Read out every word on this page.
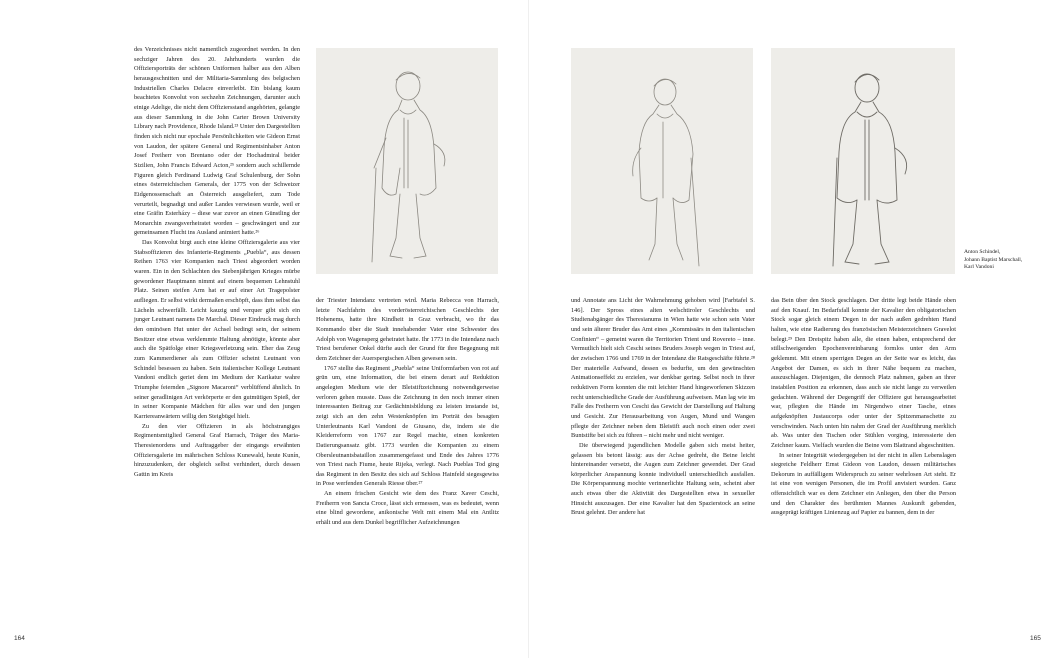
des Verzeichnisses nicht namentlich zugeordnet werden. In den sechziger Jahren des 20. Jahrhunderts wurden die Offiziersporträts der schönen Uniformen halber aus den Alben herausgeschnitten und der Militaria-Sammlung des belgischen Industriellen Charles Delacre einverleibt. Ein bislang kaum beachtetes Konvolut von sechzehn Zeichnungen, darunter auch einige Adelige, die nicht dem Offiziersstand angehörten, gelangte aus dieser Sammlung in die John Carter Brown University Library nach Providence, Rhode Island.²³ Unter den Dargestellten finden sich nicht nur epochale Persönlichkeiten wie Gideon Ernst von Laudon, der spätere General und Regimentsinhaber Anton Josef Freiherr von Brentano oder der Hochadmiral beider Sizilien, John Francis Edward Acton,²⁵ sondern auch schillernde Figuren gleich Ferdinand Ludwig Graf Schulenburg, der Sohn eines österreichischen Generals, der 1775 von der Schweizer Eidgenossenschaft an Österreich ausgeliefert, zum Tode verurteilt, begnadigt und außer Landes verwiesen wurde, weil er eine Gräfin Esterházy – diese war zuvor an einen Günstling der Monarchin zwangsverheiratet worden – geschwängert und zur gemeinsamen Flucht ins Ausland animiert hatte.²⁶

Das Konvolut birgt auch eine kleine Offiziersgalerie aus vier Stabsoffizieren des Infanterie-Regiments „Puebla“, aus dessen Reihen 1763 vier Kompanien nach Triest abgeordert worden waren. Ein in den Schlachten des Siebenjährigen Krieges mürbe gewordener Hauptmann nimmt auf einem bequemen Lehnstuhl Platz. Seinen steifen Arm hat er auf einer Art Tragepolster aufliegen. Er selbst wirkt dermaßen erschöpft, dass ihm selbst das Lächeln schwerfällt. Leicht kauzig und verquer gibt sich ein junger Leutnant namens De Marchal. Dieser Eindruck mag durch den ominösen Hut unter der Achsel bedingt sein, der seinem Besitzer eine etwas verklemmte Haltung abnötigte, könnte aber auch die Spätfolge einer Kriegsverletzung sein. Eher das Zeug zum Kammerdiener als zum Offizier scheint Leutnant von Schindel besessen zu haben. Sein italienischer Kollege Leutnant Vandoni endlich geriet dem im Medium der Karikatur wahre Triumphe feiernden „Signore Macaroni“ verblüffend ähnlich. In seiner geradlinigen Art verkörperte er den gutmütigen Spieß, der in seiner Kompanie Mädchen für alles war und den jungen Karriereanwärtern willig den Steigbügel hielt.

Zu den vier Offizieren in als höchstrangiges Regimentsmitglied General Graf Harrach, Träger des Maria-Theresienordens und Auftraggeber der eingangs erwähnten Offiziersgalerie im mährischen Schloss Kunewald, heute Kunín, hinzuzudenken, der obgleich selbst verhindert, durch dessen Gattin im Kreis

der Triester Intendanz vertreten wird. Maria Rebecca von Harrach, letzte Nachfahrin des vorderösterreichischen Geschlechts der Hohenems, hatte ihre Kindheit in Graz verbracht, wo ihr das Kommando über die Stadt innehabender Vater eine Schwester des Adolph von Wagensperg geheiratet hatte. Ihr 1773 in die Intendanz nach Triest berufener Onkel dürfte auch der Grund für ihre Begegnung mit dem Zeichner der Auerspergischen Alben gewesen sein.

1767 stellte das Regiment „Puebla“ seine Uniformfarben von rot auf grün um, eine Information, die bei einem derart auf Reduktion angelegten Medium wie der Bleistiftzeichnung notwendigerweise verloren gehen musste. Dass die Zeichnung in den noch immer einen interessanten Beitrag zur Gedächtnisbildung zu leisten imstande ist, zeigt sich an den zehn Westenknöpfen im Porträt des besagten Unterleutnants Karl Vandoni de Giusano, die, indem sie die Kleiderreform von 1767 zur Regel machte, einen konkreten Datierungsansatz gibt. 1773 wurden die Kompanien zu einem Obersleutnantsbataillon zusammengefasst und Ende des Jahres 1776 von Triest nach Fiume, heute Rijeka, verlegt. Nach Pueblas Tod ging das Regiment in den Besitz des sich auf Schloss Hainfeld siegesgewiss in Pose werfenden Generals Riesse über.²⁷

An einem frischen Gesicht wie dem des Franz Xaver Ceschi, Freiherrn von Sancta Croce, lässt sich ermessen, was es bedeutet, wenn eine blind gewordene, anikonische Welt mit einem Mal ein Antlitz erhält und aus dem Dunkel begrifflicher Aufzeichnungen

und Annotate ans Licht der Wahrnehmung gehoben wird [Farbtafel S. 146]. Der Spross eines alten welschtiroler Geschlechts und Studienabgänger des Theresianums in Wien hatte wie schon sein Vater und sein älterer Bruder das Amt eines „Kommissärs in den italienischen Confinien“ – gemeint waren die Territorien Trient und Rovereto – inne. Vermutlich hielt sich Ceschi seines Bruders Joseph wegen in Triest auf, der zwischen 1766 und 1769 in der Intendanz die Ratsgeschäfte führte.²⁸ Der materielle Aufwand, dessen es bedurfte, um den gewünschten Animationseffekt zu erzielen, war denkbar gering. Selbst noch in ihrer reduktiven Form konnten die mit leichter Hand hingeworfenen Skizzen recht unterschiedliche Grade der Ausführung aufweisen. Man lag wie im Falle des Freiherrn von Ceschi das Gewicht der Darstellung auf Haltung und Gesicht. Zur Herausarbeitung von Augen, Mund und Wangen pflegte der Zeichner neben dem Bleistift auch noch einen oder zwei Buntstifte bei sich zu führen – nicht mehr und nicht weniger.

Die überwiegend jugendlichen Modelle gaben sich meist heiter, gelassen bis betont lässig: aus der Achse gedreht, die Beine leicht hintereinander versetzt, die Augen zum Zeichner gewendet. Der Grad körperlicher Anspannung konnte individuell unterschiedlich ausfallen. Die Körperspannung mochte verinnerlichte Haltung sein, scheint aber auch etwas über die Aktivität des Dargestellten etwa in sexueller Hinsicht auszusagen. Der eine Kavalier hat den Spazierstock an seine Brust gelehnt. Der andere hat

das Bein über den Stock geschlagen. Der dritte legt beide Hände oben auf den Knauf. Im Bedarfsfall konnte der Kavalier den obligatorischen Stock sogar gleich einem Degen in der nach außen gedrehten Hand halten, wie eine Radierung des französischen Meisterzeichners Gravelot belegt.²⁹ Den Dreispitz haben alle, die einen haben, entsprechend der stillschweigenden Epochenvereinbarung formlos unter den Arm geklemmt. Mit einem sperrigen Degen an der Seite war es leicht, das Angebot der Damen, es sich in ihrer Nähe bequem zu machen, auszuschlagen. Diejenigen, die dennoch Platz nahmen, gaben an ihrer instabilen Position zu erkennen, dass auch sie nicht lange zu verweilen gedachten. Während der Degengriff der Offiziere gut herausgearbeitet war, pflegten die Hände im Nirgendwo einer Tasche, eines aufgeknöpften Justaucorps oder unter der Spitzenmanschette zu verschwinden. Nach unten hin nahm der Grad der Ausführung merklich ab. Was unter den Tischen oder Stühlen vorging, interessierte den Zeichner kaum. Vielfach wurden die Beine vom Blattrand abgeschnitten.

In seiner Integrität wiedergegeben ist der nicht in allen Lebenslagen siegreiche Feldherr Ernst Gideon von Laudon, dessen militärisches Dekorum in auffälligem Widerspruch zu seiner wehrlosen Art steht. Er ist eine von wenigen Personen, die im Profil anvisiert wurden. Ganz offensichtlich war es dem Zeichner ein Anliegen, den über die Person und den Charakter des berühmten Mannes Auskunft gebenden, ausgeprägt kräftigen Linienzug auf Papier zu bannen, dem in der

Anton Schindel,
Johann Baptist Marschall,
Karl Vandoni
164	165
